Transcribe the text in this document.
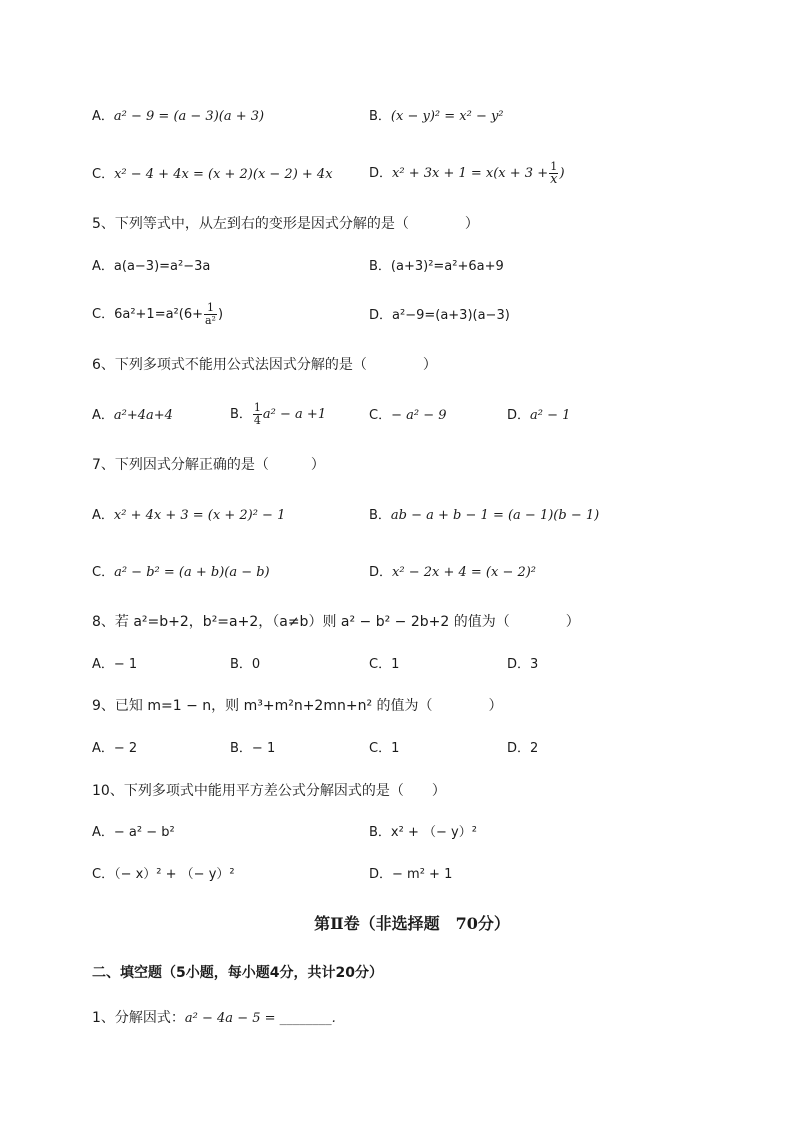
A．a² − 9 = (a − 3)(a + 3)	B．(x − y)² = x² − y²
C．x² − 4 + 4x = (x + 2)(x − 2) + 4x	D．$x^2 + 3x + 1 = x(x + 3 + \frac{1}{x}$ )
5、下列等式中，从左到右的变形是因式分解的是（　　　　）
A．a(a−3)=a²−3a	B．(a+3)²=a²+6a+9
C．$6a^2+1=a^2(6+ \frac{1}{\text{a²}}$ )	D．a²−9=(a+3)(a−3)
6、下列多项式不能用公式法因式分解的是（　　　　）
A．a²+4a+4	B． $\frac{1}{4} a^2 - a +1$	C．− a² − 9	D．a² − 1
7、下列因式分解正确的是（　　　）
A．x² + 4x + 3 = (x + 2)² − 1	B．ab − a + b − 1 = (a − 1)(b − 1)
C．a² − b² = (a + b)(a − b)	D．x² − 2x + 4 = (x − 2)²
8、若 a²=b+2，b²=a+2，（a≠b）则 a² − b² − 2b+2 的值为（　　　　）
A．− 1	B．0	C．1	D．3
9、已知 m=1 − n，则 m³+m²n+2mn+n² 的值为（　　　　）
A．− 2	B．− 1	C．1	D．2
10、下列多项式中能用平方差公式分解因式的是（　　）
A．− a² − b²	B．x² + （− y）²
C．（− x）² + （− y）²	D．− m² + 1
第Ⅱ卷（非选择题　70分）
二、填空题（5小题，每小题4分，共计20分）
1、分解因式：a² − 4a − 5 = ________.
